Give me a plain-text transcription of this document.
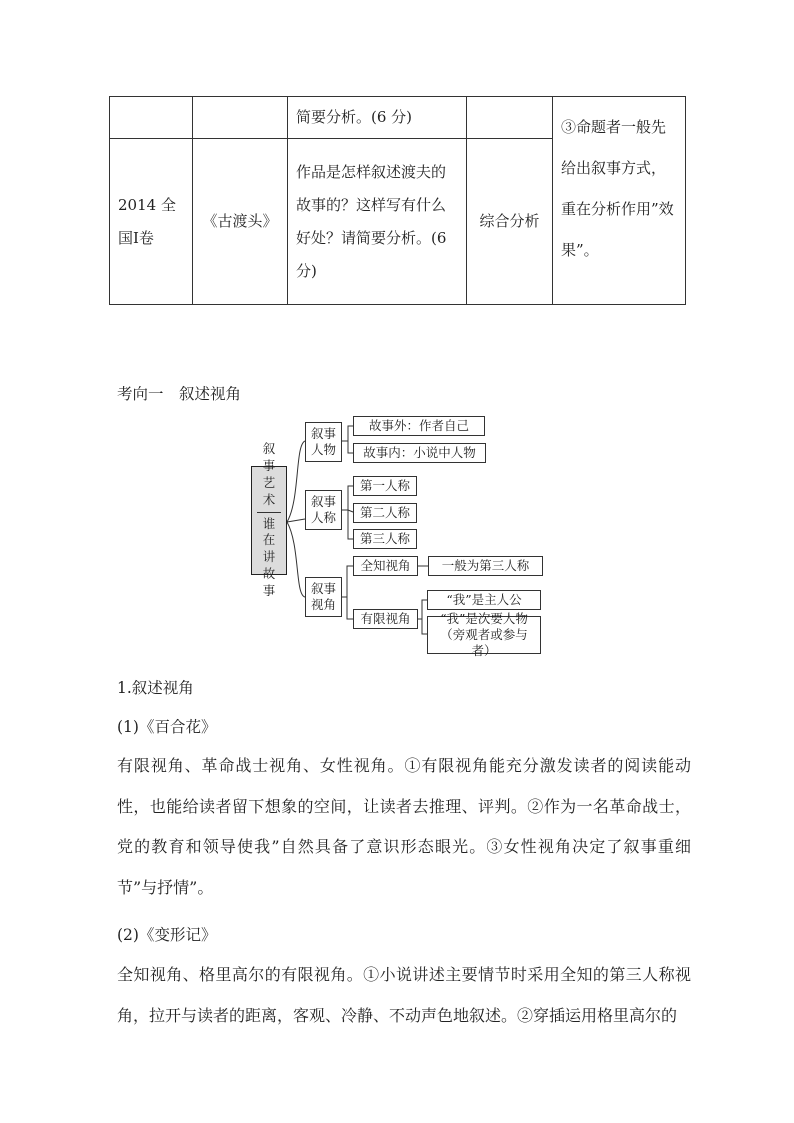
		简要分析。(6 分)		③命题者一般先给出叙事方式，重在分析作用”效果”。
2014 全国Ⅰ卷	《古渡头》	作品是怎样叙述渡夫的故事的？这样写有什么好处？请简要分析。(6分)	综合分析	
考向一　叙述视角
叙事艺术
谁在讲故事
叙事人物
故事外：作者自己
故事内：小说中人物
叙事人称
第一人称
第二人称
第三人称
叙事视角
全知视角	一般为第三人称
有限视角
“我”是主人公
“我”是次要人物（旁观者或参与者）
1.叙述视角
(1)《百合花》
有限视角、革命战士视角、女性视角。①有限视角能充分激发读者的阅读能动性，也能给读者留下想象的空间，让读者去推理、评判。②作为一名革命战士，党的教育和领导使我”自然具备了意识形态眼光。③女性视角决定了叙事重细节”与抒情”。
(2)《变形记》
全知视角、格里高尔的有限视角。①小说讲述主要情节时采用全知的第三人称视角，拉开与读者的距离，客观、冷静、不动声色地叙述。②穿插运用格里高尔的
